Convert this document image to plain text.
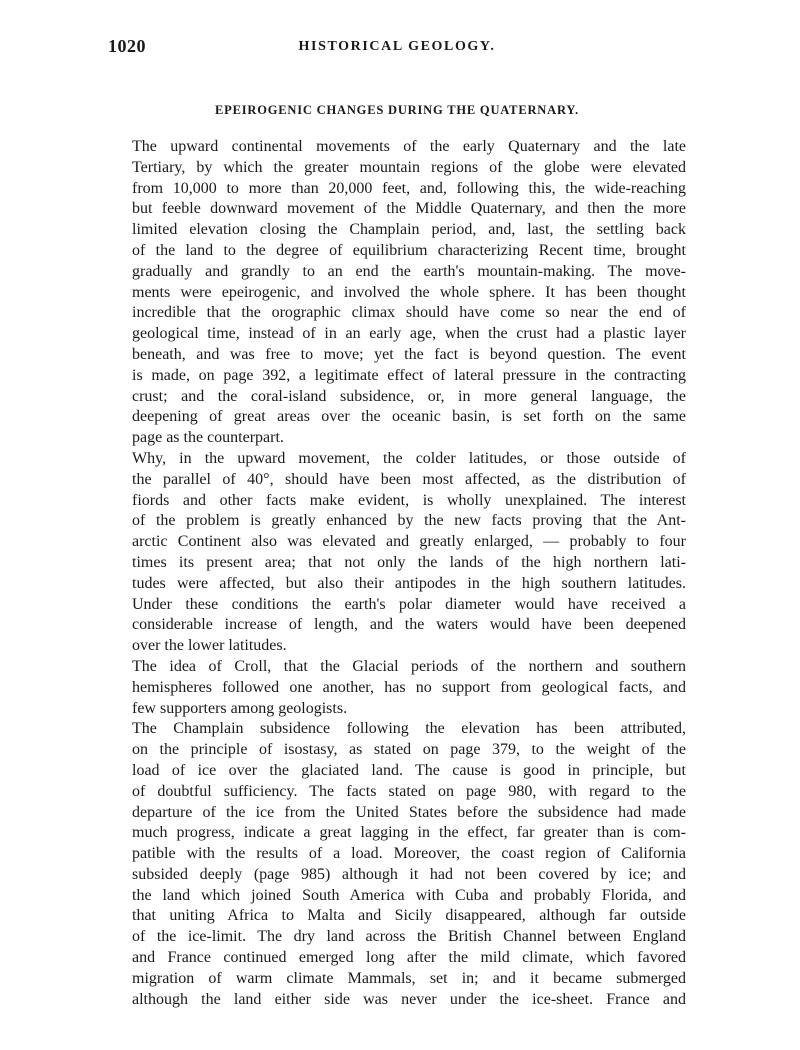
1020	HISTORICAL GEOLOGY.
EPEIROGENIC CHANGES DURING THE QUATERNARY.

The upward continental movements of the early Quaternary and the late
Tertiary, by which the greater mountain regions of the globe were elevated
from 10,000 to more than 20,000 feet, and, following this, the wide-reaching
but feeble downward movement of the Middle Quaternary, and then the more
limited elevation closing the Champlain period, and, last, the settling back
of the land to the degree of equilibrium characterizing Recent time, brought
gradually and grandly to an end the earth's mountain-making. The move-
ments were epeirogenic, and involved the whole sphere. It has been thought
incredible that the orographic climax should have come so near the end of
geological time, instead of in an early age, when the crust had a plastic layer
beneath, and was free to move; yet the fact is beyond question. The event
is made, on page 392, a legitimate effect of lateral pressure in the contracting
crust; and the coral-island subsidence, or, in more general language, the
deepening of great areas over the oceanic basin, is set forth on the same
page as the counterpart.

Why, in the upward movement, the colder latitudes, or those outside of
the parallel of 40°, should have been most affected, as the distribution of
fiords and other facts make evident, is wholly unexplained. The interest
of the problem is greatly enhanced by the new facts proving that the Ant-
arctic Continent also was elevated and greatly enlarged, — probably to four
times its present area; that not only the lands of the high northern lati-
tudes were affected, but also their antipodes in the high southern latitudes.
Under these conditions the earth's polar diameter would have received a
considerable increase of length, and the waters would have been deepened
over the lower latitudes.

The idea of Croll, that the Glacial periods of the northern and southern
hemispheres followed one another, has no support from geological facts, and
few supporters among geologists.

The Champlain subsidence following the elevation has been attributed,
on the principle of isostasy, as stated on page 379, to the weight of the
load of ice over the glaciated land. The cause is good in principle, but
of doubtful sufficiency. The facts stated on page 980, with regard to the
departure of the ice from the United States before the subsidence had made
much progress, indicate a great lagging in the effect, far greater than is com-
patible with the results of a load. Moreover, the coast region of California
subsided deeply (page 985) although it had not been covered by ice; and
the land which joined South America with Cuba and probably Florida, and
that uniting Africa to Malta and Sicily disappeared, although far outside
of the ice-limit. The dry land across the British Channel between England
and France continued emerged long after the mild climate, which favored
migration of warm climate Mammals, set in; and it became submerged
although the land either side was never under the ice-sheet. France and
